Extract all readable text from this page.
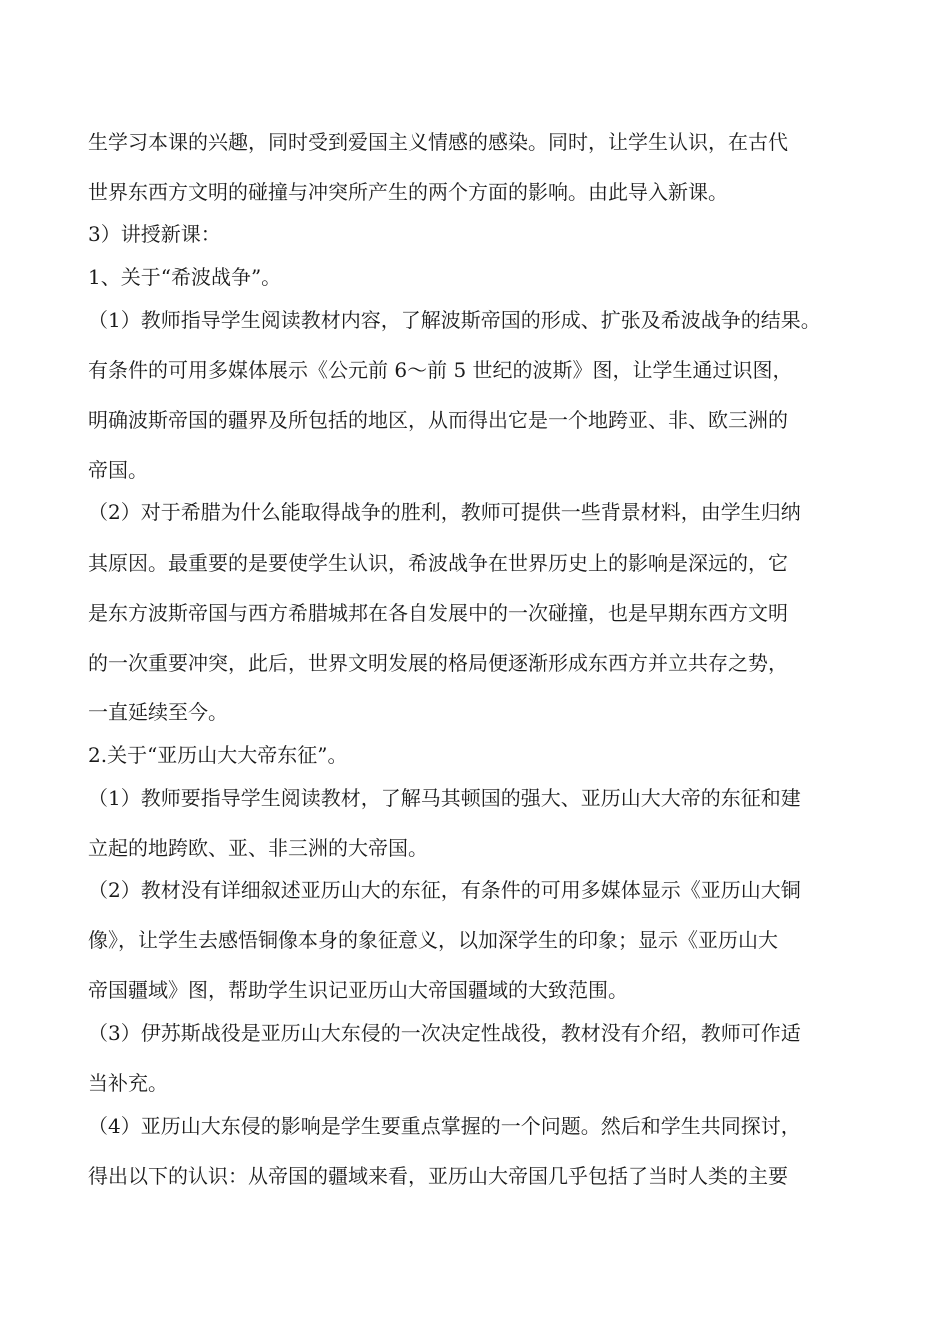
生学习本课的兴趣，同时受到爱国主义情感的感染。同时，让学生认识，在古代
世界东西方文明的碰撞与冲突所产生的两个方面的影响。由此导入新课。
3）讲授新课：
1、关于“希波战争”。
（1）教师指导学生阅读教材内容，了解波斯帝国的形成、扩张及希波战争的结果。
有条件的可用多媒体展示《公元前 6～前 5 世纪的波斯》图，让学生通过识图，
明确波斯帝国的疆界及所包括的地区，从而得出它是一个地跨亚、非、欧三洲的
帝国。
（2）对于希腊为什么能取得战争的胜利，教师可提供一些背景材料，由学生归纳
其原因。最重要的是要使学生认识，希波战争在世界历史上的影响是深远的，它
是东方波斯帝国与西方希腊城邦在各自发展中的一次碰撞，也是早期东西方文明
的一次重要冲突，此后，世界文明发展的格局便逐渐形成东西方并立共存之势，
一直延续至今。
2.关于“亚历山大大帝东征”。
（1）教师要指导学生阅读教材，了解马其顿国的强大、亚历山大大帝的东征和建
立起的地跨欧、亚、非三洲的大帝国。
（2）教材没有详细叙述亚历山大的东征，有条件的可用多媒体显示《亚历山大铜
像》，让学生去感悟铜像本身的象征意义，以加深学生的印象；显示《亚历山大
帝国疆域》图，帮助学生识记亚历山大帝国疆域的大致范围。
（3）伊苏斯战役是亚历山大东侵的一次决定性战役，教材没有介绍，教师可作适
当补充。
（4）亚历山大东侵的影响是学生要重点掌握的一个问题。然后和学生共同探讨，
得出以下的认识：从帝国的疆域来看，亚历山大帝国几乎包括了当时人类的主要
